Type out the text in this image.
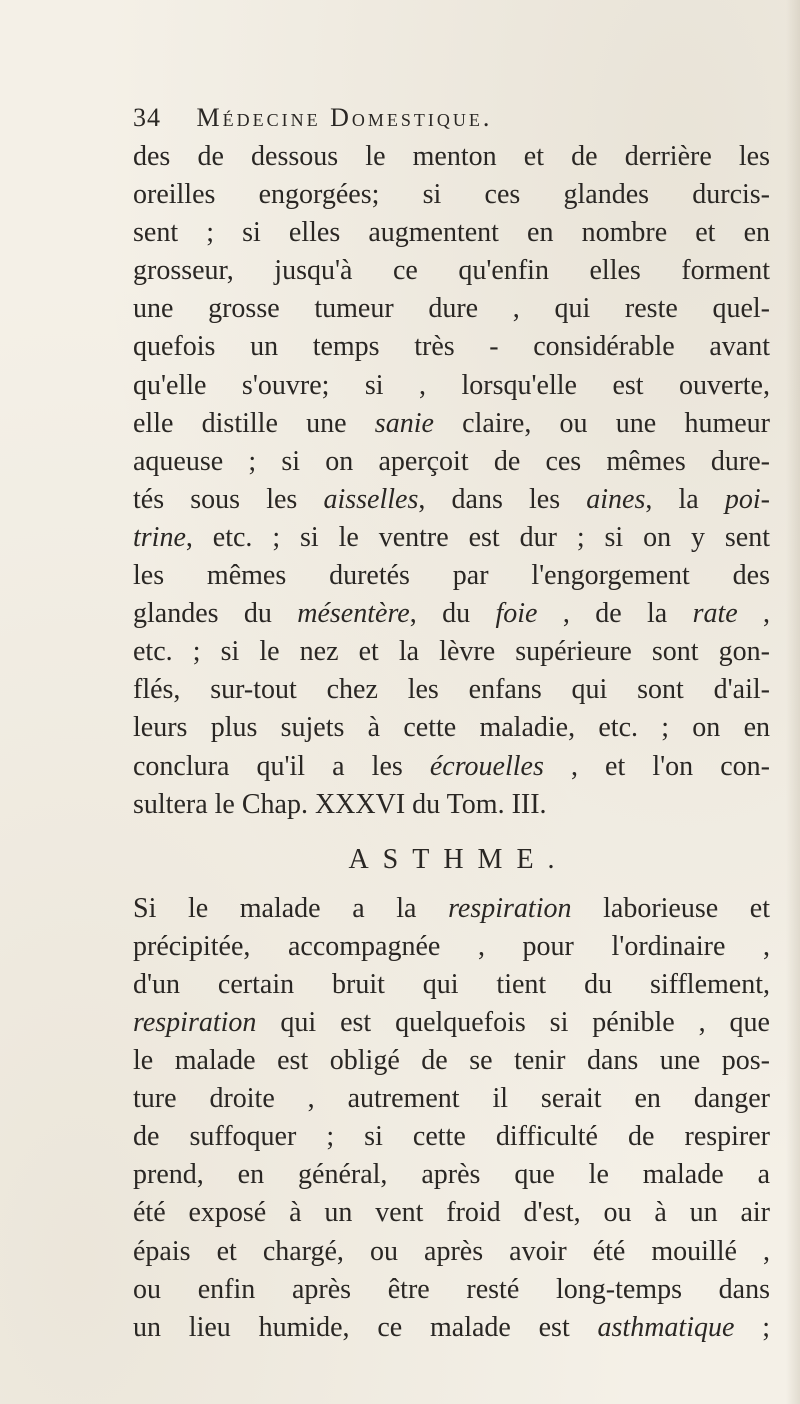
34 Médecine Domestique.
des de dessous le menton et de derrière les
oreilles engorgées; si ces glandes durcis-
sent ; si elles augmentent en nombre et en
grosseur, jusqu'à ce qu'enfin elles forment
une grosse tumeur dure , qui reste quel-
quefois un temps très - considérable avant
qu'elle s'ouvre; si , lorsqu'elle est ouverte,
elle distille une sanie claire, ou une humeur
aqueuse ; si on aperçoit de ces mêmes dure-
tés sous les aisselles, dans les aines, la poi-
trine, etc. ; si le ventre est dur ; si on y sent
les mêmes duretés par l'engorgement des
glandes du mésentère, du foie , de la rate ,
etc. ; si le nez et la lèvre supérieure sont gon-
flés, sur-tout chez les enfans qui sont d'ail-
leurs plus sujets à cette maladie, etc. ; on en
conclura qu'il a les écrouelles , et l'on con-
sultera le Chap. XXXVI du Tom. III.
ASTHME.
Si le malade a la respiration laborieuse et
précipitée, accompagnée , pour l'ordinaire ,
d'un certain bruit qui tient du sifflement,
respiration qui est quelquefois si pénible , que
le malade est obligé de se tenir dans une pos-
ture droite , autrement il serait en danger
de suffoquer ; si cette difficulté de respirer
prend, en général, après que le malade a
été exposé à un vent froid d'est, ou à un air
épais et chargé, ou après avoir été mouillé ,
ou enfin après être resté long-temps dans
un lieu humide, ce malade est asthmatique ;
